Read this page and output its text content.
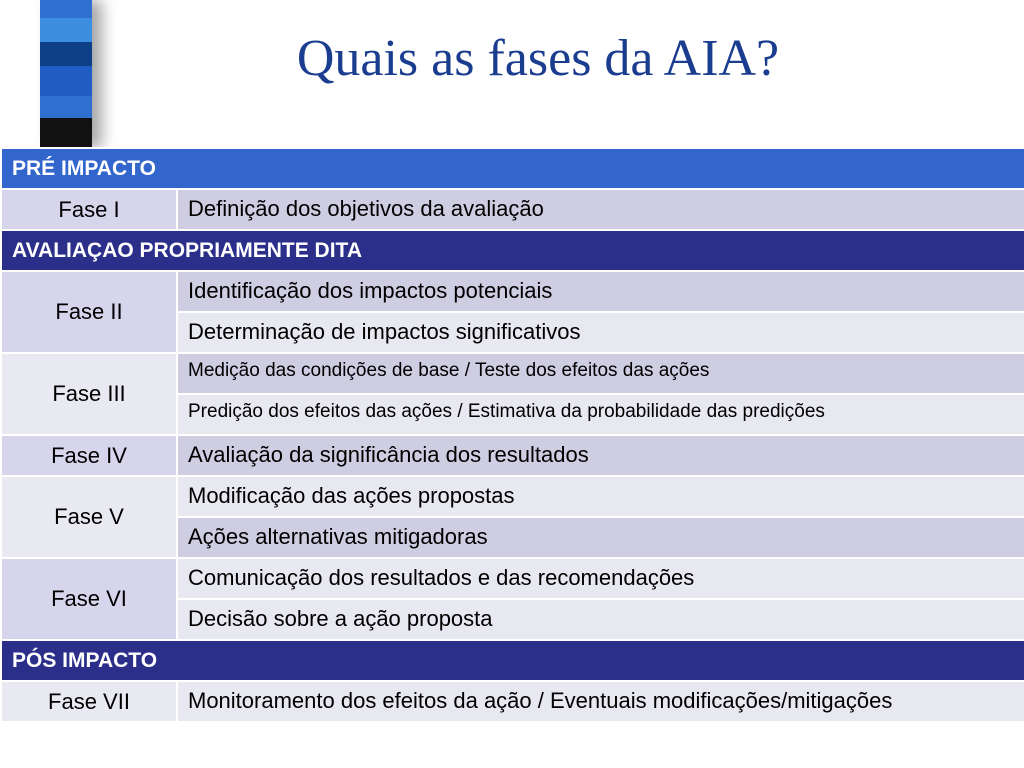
Quais as fases da AIA?
PRÉ IMPACTO	
Fase I	Definição dos objetivos da avaliação
AVALIAÇAO PROPRIAMENTE DITA	
Fase II	Identificação dos impactos potenciais
	Determinação de impactos significativos
Fase III	Medição das condições de base / Teste dos efeitos das ações
	Predição dos efeitos das ações / Estimativa da probabilidade das predições
Fase IV	Avaliação da significância dos resultados
Fase V	Modificação das ações propostas
	Ações alternativas mitigadoras
Fase VI	Comunicação dos resultados e das recomendações
	Decisão sobre a ação proposta
PÓS IMPACTO	
Fase VII	Monitoramento dos efeitos da ação / Eventuais modificações/mitigações
